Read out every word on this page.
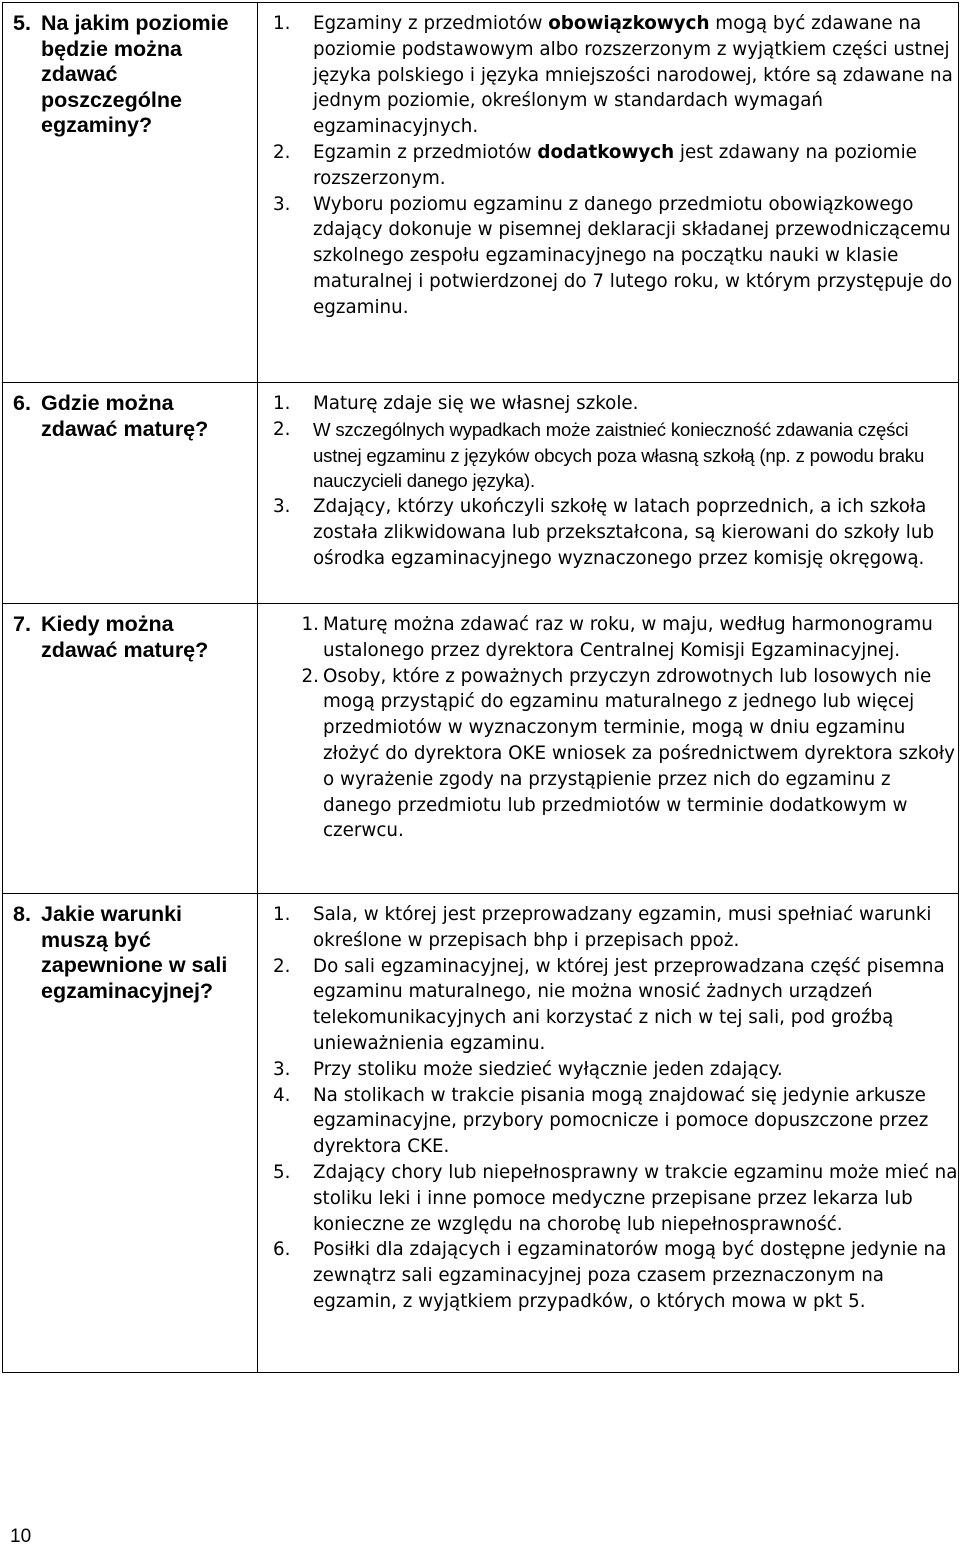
5. Na jakim poziomie będzie można zdawać poszczególne egzaminy?
1.	Egzaminy z przedmiotów obowiązkowych mogą być zdawane na poziomie podstawowym albo rozszerzonym z wyjątkiem części ustnej języka polskiego i języka mniejszości narodowej, które są zdawane na jednym poziomie, określonym w standardach wymagań egzaminacyjnych.
2.	Egzamin z przedmiotów dodatkowych jest zdawany na poziomie rozszerzonym.
3.	Wyboru poziomu egzaminu z danego przedmiotu obowiązkowego zdający dokonuje w pisemnej deklaracji składanej przewodniczącemu szkolnego zespołu egzaminacyjnego na początku nauki w klasie maturalnej i potwierdzonej do 7 lutego roku, w którym przystępuje do egzaminu.
6. Gdzie można zdawać maturę?
1.	Maturę zdaje się we własnej szkole.
2.	W szczególnych wypadkach może zaistnieć konieczność zdawania części ustnej egzaminu z języków obcych poza własną szkołą (np. z powodu braku nauczycieli danego języka).
3.	Zdający, którzy ukończyli szkołę w latach poprzednich, a ich szkoła została zlikwidowana lub przekształcona, są kierowani do szkoły lub ośrodka egzaminacyjnego wyznaczonego przez komisję okręgową.
7. Kiedy można zdawać maturę?
1. Maturę można zdawać raz w roku, w maju, według harmonogramu ustalonego przez dyrektora Centralnej Komisji Egzaminacyjnej.
2. Osoby, które z poważnych przyczyn zdrowotnych lub losowych nie mogą przystąpić do egzaminu maturalnego z jednego lub więcej przedmiotów w wyznaczonym terminie, mogą w dniu egzaminu złożyć do dyrektora OKE wniosek za pośrednictwem dyrektora szkoły o wyrażenie zgody na przystąpienie przez nich do egzaminu z danego przedmiotu lub przedmiotów w terminie dodatkowym w czerwcu.
8. Jakie warunki muszą być zapewnione w sali egzaminacyjnej?
1.	Sala, w której jest przeprowadzany egzamin, musi spełniać warunki określone w przepisach bhp i przepisach ppoż.
2.	Do sali egzaminacyjnej, w której jest przeprowadzana część pisemna egzaminu maturalnego, nie można wnosić żadnych urządzeń telekomunikacyjnych ani korzystać z nich w tej sali, pod groźbą unieważnienia egzaminu.
3.	Przy stoliku może siedzieć wyłącznie jeden zdający.
4.	Na stolikach w trakcie pisania mogą znajdować się jedynie arkusze egzaminacyjne, przybory pomocnicze i pomoce dopuszczone przez dyrektora CKE.
5.	Zdający chory lub niepełnosprawny w trakcie egzaminu może mieć na stoliku leki i inne pomoce medyczne przepisane przez lekarza lub konieczne ze względu na chorobę lub niepełnosprawność.
6.	Posiłki dla zdających i egzaminatorów mogą być dostępne jedynie na zewnątrz sali egzaminacyjnej poza czasem przeznaczonym na egzamin, z wyjątkiem przypadków, o których mowa w pkt 5.
10
